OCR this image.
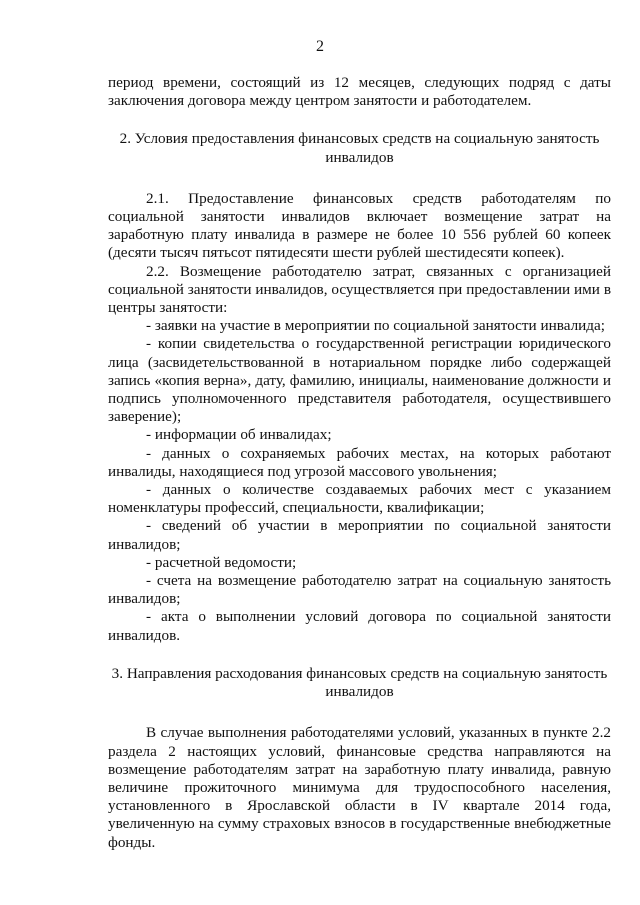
2

период времени, состоящий из 12 месяцев, следующих подряд с даты заключения договора между центром занятости и работодателем.

2. Условия предоставления финансовых средств на социальную занятость инвалидов

2.1. Предоставление финансовых средств работодателям по социальной занятости инвалидов включает возмещение затрат на заработную плату инвалида в размере не более 10 556 рублей 60 копеек (десяти тысяч пятьсот пятидесяти шести рублей шестидесяти копеек).

2.2. Возмещение работодателю затрат, связанных с организацией социальной занятости инвалидов, осуществляется при предоставлении ими в центры занятости:

- заявки на участие в мероприятии по социальной занятости инвалида;

- копии свидетельства о государственной регистрации юридического лица (засвидетельствованной в нотариальном порядке либо содержащей запись «копия верна», дату, фамилию, инициалы, наименование должности и подпись уполномоченного представителя работодателя, осуществившего заверение);

- информации об инвалидах;

- данных о сохраняемых рабочих местах, на которых работают инвалиды, находящиеся под угрозой массового увольнения;

- данных о количестве создаваемых рабочих мест с указанием номенклатуры профессий, специальности, квалификации;

- сведений об участии в мероприятии по социальной занятости инвалидов;

- расчетной ведомости;

- счета на возмещение работодателю затрат на социальную занятость инвалидов;

- акта о выполнении условий договора по социальной занятости инвалидов.

3. Направления расходования финансовых средств на социальную занятость инвалидов

В случае выполнения работодателями условий, указанных в пункте 2.2 раздела 2 настоящих условий, финансовые средства направляются на возмещение работодателям затрат на заработную плату инвалида, равную величине прожиточного минимума для трудоспособного населения, установленного в Ярославской области в IV квартале 2014 года, увеличенную на сумму страховых взносов в государственные внебюджетные фонды.
